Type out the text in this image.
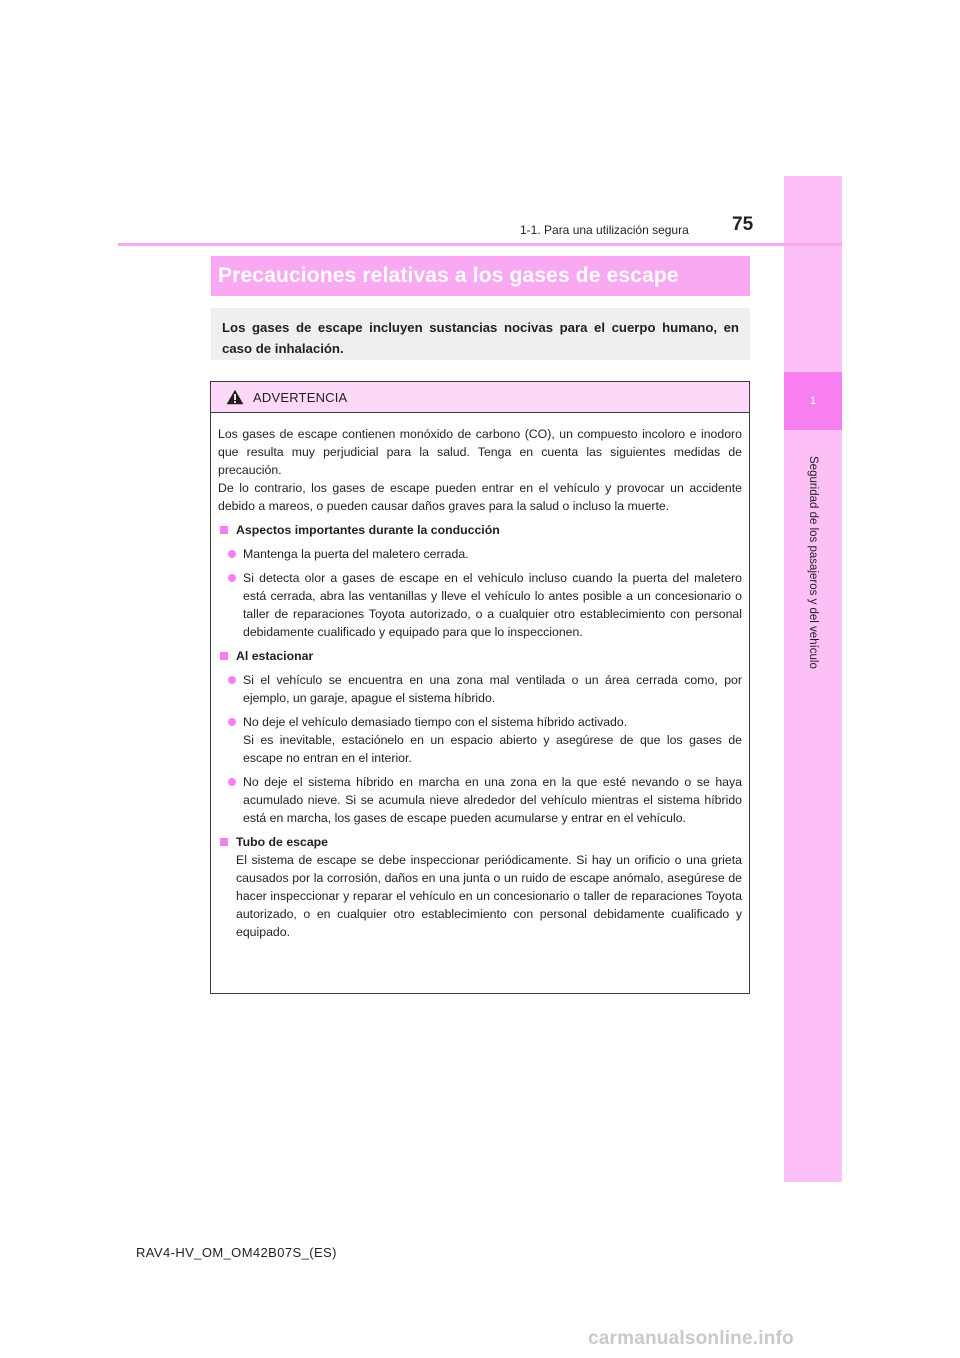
1
Seguridad de los pasajeros y del vehículo
1-1. Para una utilización segura 75
Precauciones relativas a los gases de escape
Los gases de escape incluyen sustancias nocivas para el cuerpo humano, en caso de inhalación.
ADVERTENCIA

Los gases de escape contienen monóxido de carbono (CO), un compuesto incoloro e inodoro que resulta muy perjudicial para la salud. Tenga en cuenta las siguientes medidas de precaución.

De lo contrario, los gases de escape pueden entrar en el vehículo y provocar un accidente debido a mareos, o pueden causar daños graves para la salud o incluso la muerte.

Aspectos importantes durante la conducción
Mantenga la puerta del maletero cerrada.
Si detecta olor a gases de escape en el vehículo incluso cuando la puerta del maletero está cerrada, abra las ventanillas y lleve el vehículo lo antes posible a un concesionario o taller de reparaciones Toyota autorizado, o a cualquier otro establecimiento con personal debidamente cualificado y equipado para que lo inspeccionen.
Al estacionar
Si el vehículo se encuentra en una zona mal ventilada o un área cerrada como, por ejemplo, un garaje, apague el sistema híbrido.
No deje el vehículo demasiado tiempo con el sistema híbrido activado.
Si es inevitable, estaciónelo en un espacio abierto y asegúrese de que los gases de escape no entran en el interior.
No deje el sistema híbrido en marcha en una zona en la que esté nevando o se haya acumulado nieve. Si se acumula nieve alrededor del vehículo mientras el sistema híbrido está en marcha, los gases de escape pueden acumularse y entrar en el vehículo.
Tubo de escape
El sistema de escape se debe inspeccionar periódicamente. Si hay un orificio o una grieta causados por la corrosión, daños en una junta o un ruido de escape anómalo, asegúrese de hacer inspeccionar y reparar el vehículo en un concesionario o taller de reparaciones Toyota autorizado, o en cualquier otro establecimiento con personal debidamente cualificado y equipado.
RAV4-HV_OM_OM42B07S_(ES)
carmanualsonline.info
